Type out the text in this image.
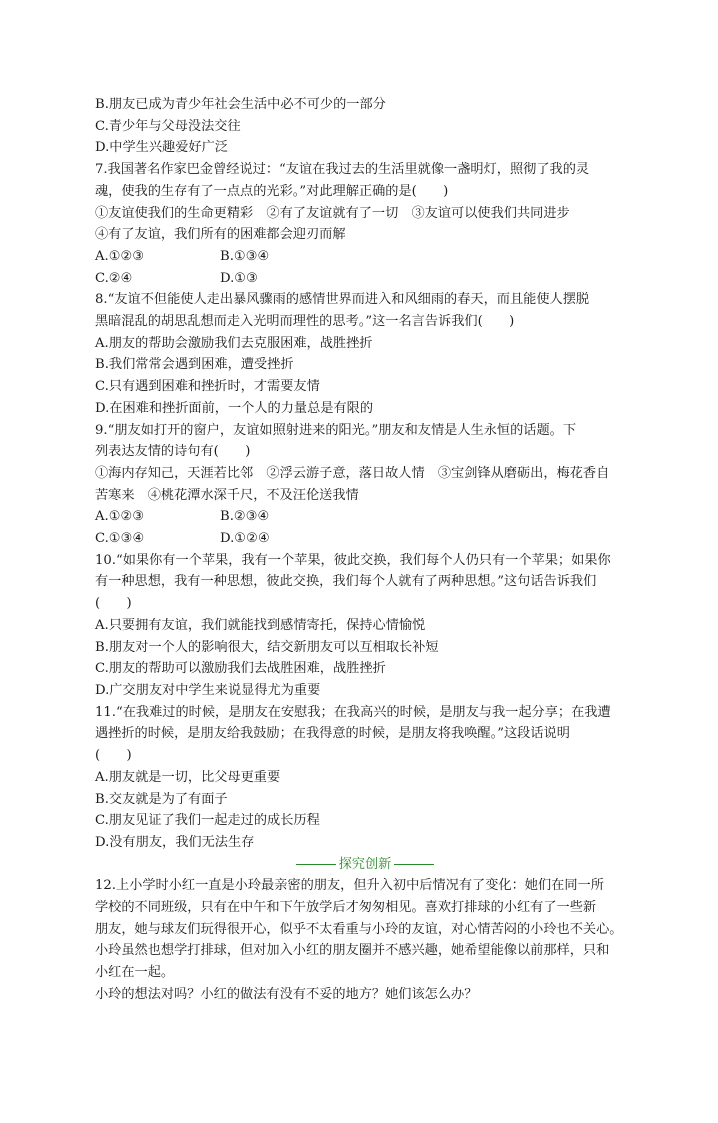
B.朋友已成为青少年社会生活中必不可少的一部分
C.青少年与父母没法交往
D.中学生兴趣爱好广泛
7.我国著名作家巴金曾经说过：“友谊在我过去的生活里就像一盏明灯，照彻了我的灵
魂，使我的生存有了一点点的光彩。”对此理解正确的是(　　)
①友谊使我们的生命更精彩　②有了友谊就有了一切　③友谊可以使我们共同进步
④有了友谊，我们所有的困难都会迎刃而解
A.①②③	B.①③④
C.②④	D.①③
8.“友谊不但能使人走出暴风骤雨的感情世界而进入和风细雨的春天，而且能使人摆脱
黑暗混乱的胡思乱想而走入光明而理性的思考。”这一名言告诉我们(　　)
A.朋友的帮助会激励我们去克服困难，战胜挫折
B.我们常常会遇到困难，遭受挫折
C.只有遇到困难和挫折时，才需要友情
D.在困难和挫折面前，一个人的力量总是有限的
9.“朋友如打开的窗户，友谊如照射进来的阳光。”朋友和友情是人生永恒的话题。下
列表达友情的诗句有(　　)
①海内存知己，天涯若比邻　②浮云游子意，落日故人情　③宝剑锋从磨砺出，梅花香自
苦寒来　④桃花潭水深千尺，不及汪伦送我情
A.①②③	B.②③④
C.①③④	D.①②④
10.“如果你有一个苹果，我有一个苹果，彼此交换，我们每个人仍只有一个苹果；如果你
有一种思想，我有一种思想，彼此交换，我们每个人就有了两种思想。”这句话告诉我们
(　　)
A.只要拥有友谊，我们就能找到感情寄托，保持心情愉悦
B.朋友对一个人的影响很大，结交新朋友可以互相取长补短
C.朋友的帮助可以激励我们去战胜困难，战胜挫折
D.广交朋友对中学生来说显得尤为重要
11.“在我难过的时候，是朋友在安慰我；在我高兴的时候，是朋友与我一起分享；在我遭
遇挫折的时候，是朋友给我鼓励；在我得意的时候，是朋友将我唤醒。”这段话说明
(　　)
A.朋友就是一切，比父母更重要
B.交友就是为了有面子
C.朋友见证了我们一起走过的成长历程
D.没有朋友，我们无法生存
探究创新
12.上小学时小红一直是小玲最亲密的朋友，但升入初中后情况有了变化：她们在同一所
学校的不同班级，只有在中午和下午放学后才匆匆相见。喜欢打排球的小红有了一些新
朋友，她与球友们玩得很开心，似乎不太看重与小玲的友谊，对心情苦闷的小玲也不关心。
小玲虽然也想学打排球，但对加入小红的朋友圈并不感兴趣，她希望能像以前那样，只和
小红在一起。
小玲的想法对吗？小红的做法有没有不妥的地方？她们该怎么办？
